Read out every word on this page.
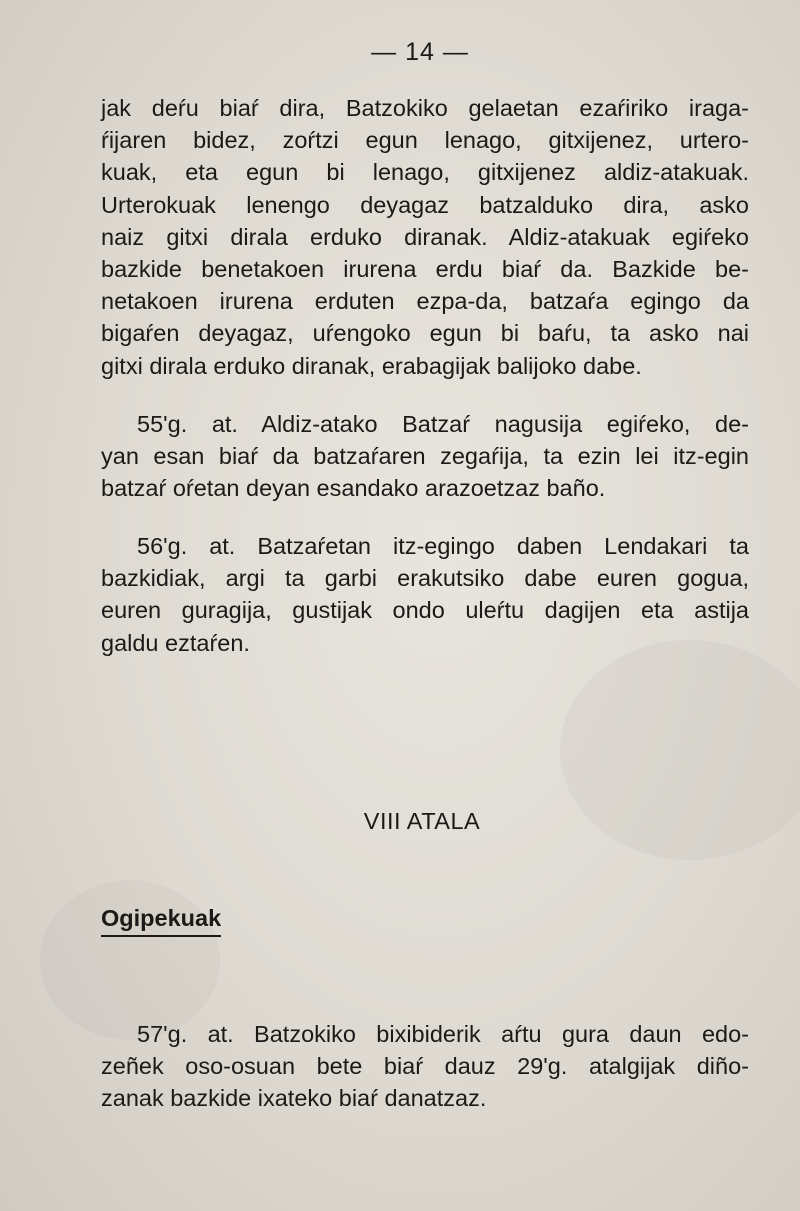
— 14 —
jak deŕu biaŕ dira, Batzokiko gelaetan ezaŕiriko iraga-
ŕijaren bidez, zoŕtzi egun lenago, gitxijenez, urtero-
kuak, eta egun bi lenago, gitxijenez aldiz-atakuak.
Urterokuak lenengo deyagaz batzalduko dira, asko
naiz gitxi dirala erduko diranak. Aldiz-atakuak egiŕeko
bazkide benetakoen irurena erdu biaŕ da. Bazkide be-
netakoen irurena erduten ezpa-da, batzaŕa egingo da
bigaŕen deyagaz, uŕengoko egun bi baŕu, ta asko nai
gitxi dirala erduko diranak, erabagijak balijoko dabe.
55'g. at. Aldiz-atako Batzaŕ nagusija egiŕeko, de-
yan esan biaŕ da batzaŕaren zegaŕija, ta ezin lei itz-egin
batzaŕ oŕetan deyan esandako arazoetzaz baño.
56'g. at. Batzaŕetan itz-egingo daben Lendakari ta
bazkidiak, argi ta garbi erakutsiko dabe euren gogua,
euren guragija, gustijak ondo uleŕtu dagijen eta astija
galdu eztaŕen.
VIII ATALA
Ogipekuak
57'g. at. Batzokiko bixibiderik aŕtu gura daun edo-
zeñek oso-osuan bete biaŕ dauz 29'g. atalgijak diño-
zanak bazkide ixateko biaŕ danatzaz.
